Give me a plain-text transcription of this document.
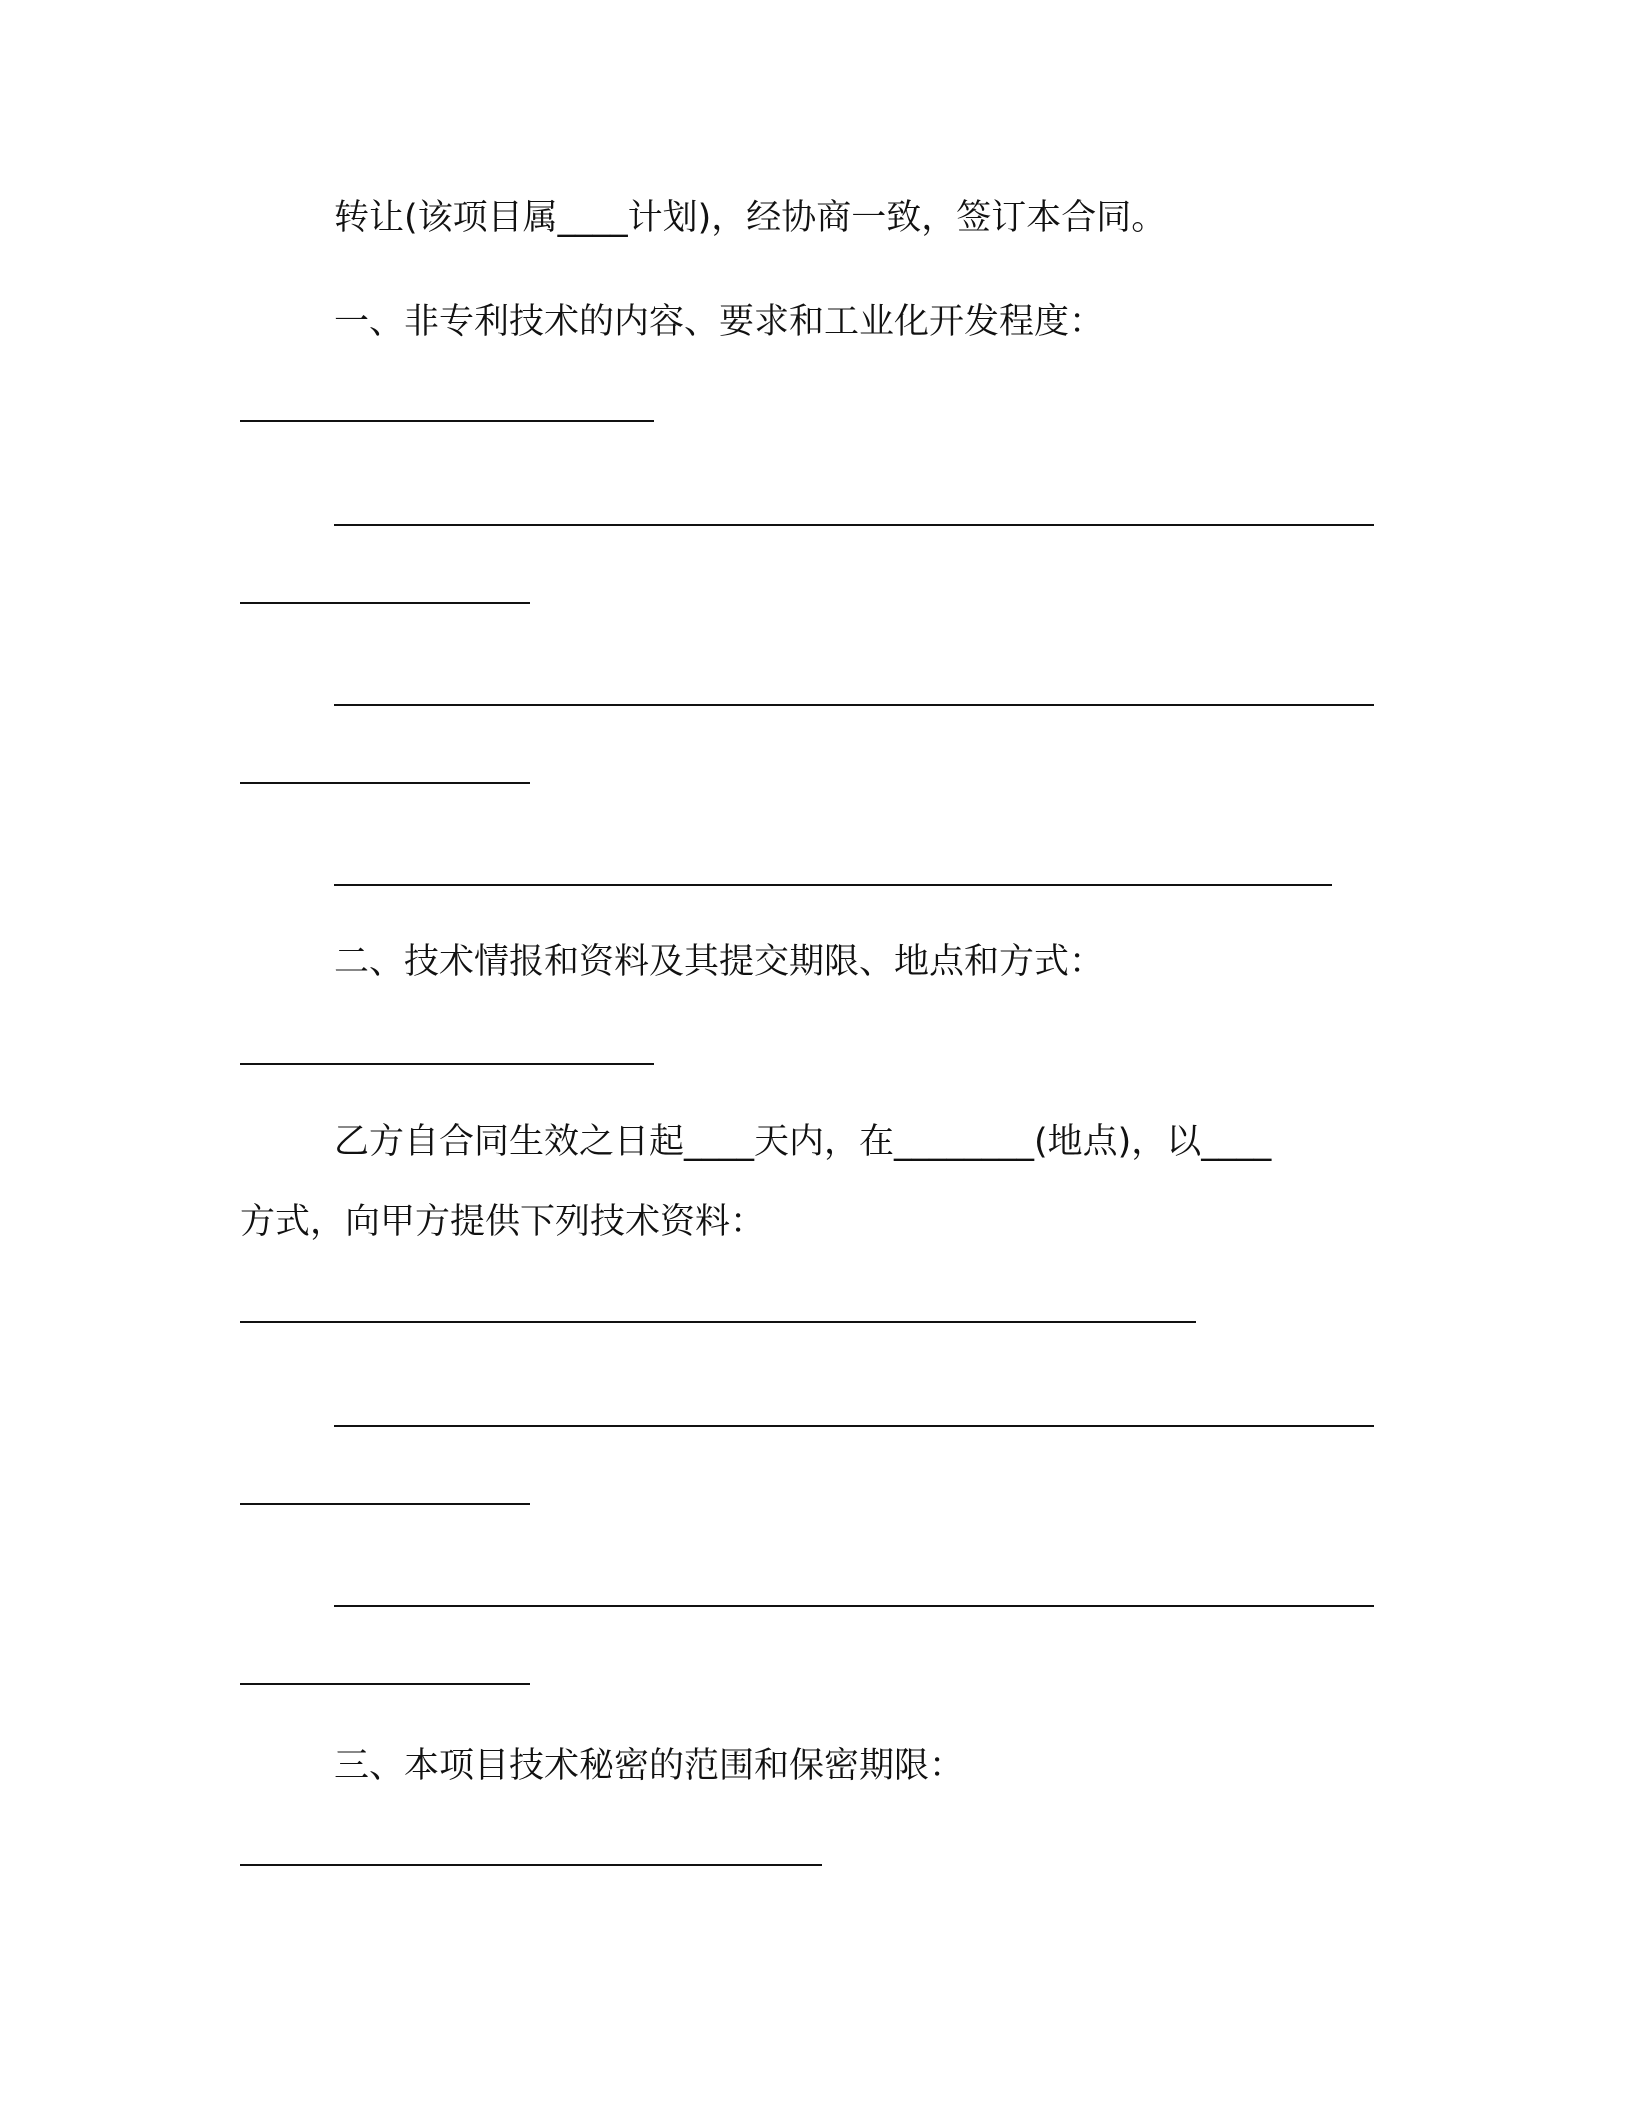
转让(该项目属____计划)，经协商一致，签订本合同。
一、非专利技术的内容、要求和工业化开发程度：
二、技术情报和资料及其提交期限、地点和方式：
乙方自合同生效之日起____天内，在________(地点)，以____
方式，向甲方提供下列技术资料：
三、本项目技术秘密的范围和保密期限：
